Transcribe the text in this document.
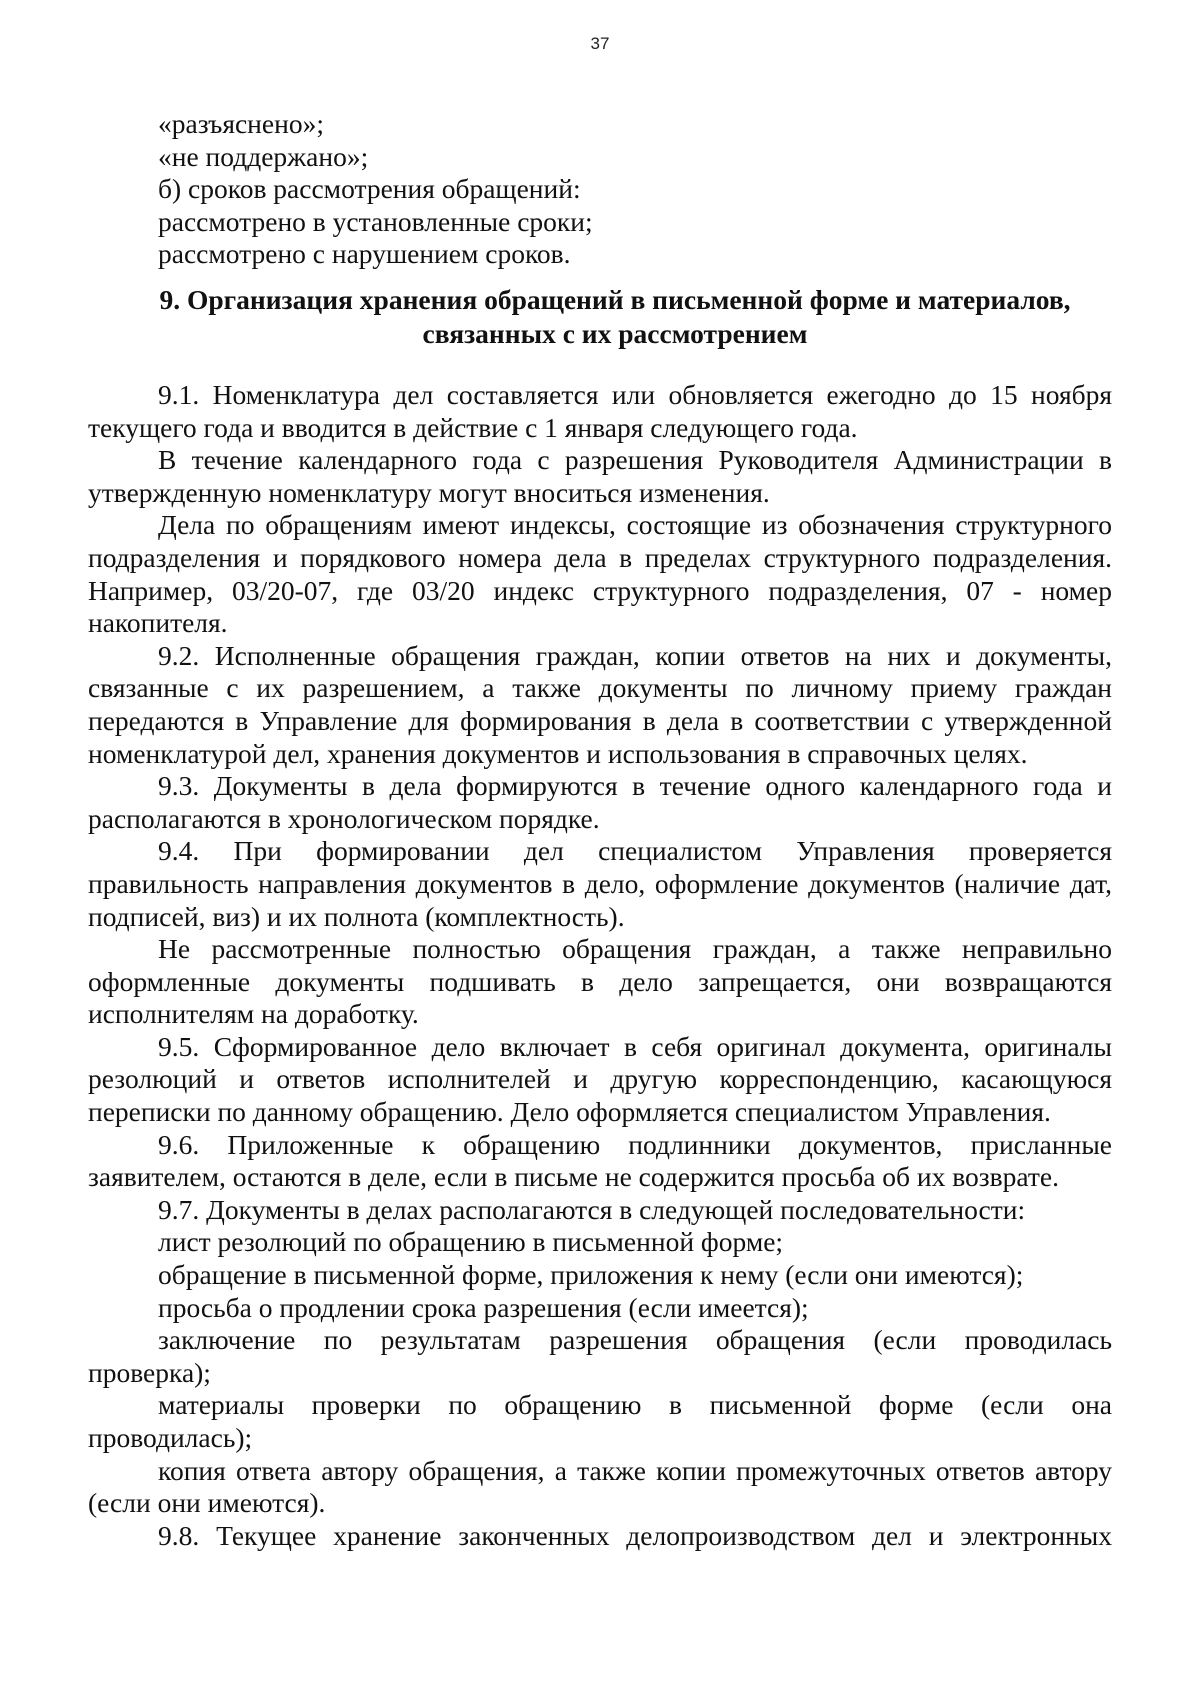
37
«разъяснено»;
«не поддержано»;
б) сроков рассмотрения обращений:
рассмотрено в установленные сроки;
рассмотрено с нарушением сроков.
9. Организация хранения обращений в письменной форме и материалов,
связанных с их рассмотрением

9.1. Номенклатура дел составляется или обновляется ежегодно до 15 ноября текущего года и вводится в действие с 1 января следующего года.

В течение календарного года с разрешения Руководителя Администрации в утвержденную номенклатуру могут вноситься изменения.

Дела по обращениям имеют индексы, состоящие из обозначения структурного подразделения и порядкового номера дела в пределах структурного подразделения. Например, 03/20-07, где 03/20 индекс структурного подразделения, 07 - номер накопителя.

9.2. Исполненные обращения граждан, копии ответов на них и документы, связанные с их разрешением, а также документы по личному приему граждан передаются в Управление для формирования в дела в соответствии с утвержденной номенклатурой дел, хранения документов и использования в справочных целях.

9.3. Документы в дела формируются в течение одного календарного года и располагаются в хронологическом порядке.

9.4. При формировании дел специалистом Управления проверяется правильность направления документов в дело, оформление документов (наличие дат, подписей, виз) и их полнота (комплектность).

Не рассмотренные полностью обращения граждан, а также неправильно оформленные документы подшивать в дело запрещается, они возвращаются исполнителям на доработку.

9.5. Сформированное дело включает в себя оригинал документа, оригиналы резолюций и ответов исполнителей и другую корреспонденцию, касающуюся переписки по данному обращению. Дело оформляется специалистом Управления.

9.6. Приложенные к обращению подлинники документов, присланные заявителем, остаются в деле, если в письме не содержится просьба об их возврате.

9.7. Документы в делах располагаются в следующей последовательности:

лист резолюций по обращению в письменной форме;

обращение в письменной форме, приложения к нему (если они имеются);

просьба о продлении срока разрешения (если имеется);

заключение по результатам разрешения обращения (если проводилась проверка);

материалы проверки по обращению в письменной форме (если она проводилась);

копия ответа автору обращения, а также копии промежуточных ответов автору (если они имеются).

9.8. Текущее хранение законченных делопроизводством дел и электронных
